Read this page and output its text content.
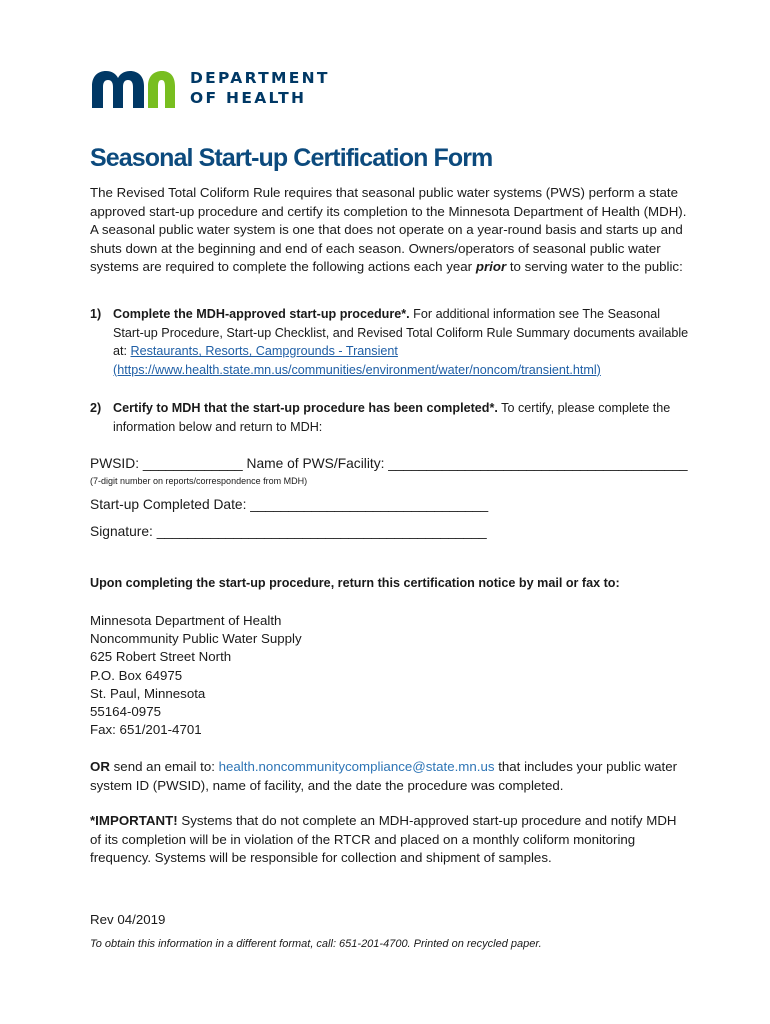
DEPARTMENT
OF HEALTH
Seasonal Start-up Certification Form
The Revised Total Coliform Rule requires that seasonal public water systems (PWS) perform a state approved start-up procedure and certify its completion to the Minnesota Department of Health (MDH). A seasonal public water system is one that does not operate on a year-round basis and starts up and shuts down at the beginning and end of each season. Owners/operators of seasonal public water systems are required to complete the following actions each year prior to serving water to the public:
1) Complete the MDH-approved start-up procedure*. For additional information see The Seasonal Start-up Procedure, Start-up Checklist, and Revised Total Coliform Rule Summary documents available at: Restaurants, Resorts, Campgrounds - Transient (https://www.health.state.mn.us/communities/environment/water/noncom/transient.html)
2) Certify to MDH that the start-up procedure has been completed*. To certify, please complete the information below and return to MDH:
PWSID: _____________ Name of PWS/Facility: _______________________________________
(7-digit number on reports/correspondence from MDH)
Start-up Completed Date: _______________________________
Signature: ___________________________________________
Upon completing the start-up procedure, return this certification notice by mail or fax to:
Minnesota Department of Health
Noncommunity Public Water Supply
625 Robert Street North
P.O. Box 64975
St. Paul, Minnesota
55164-0975
Fax: 651/201-4701
OR send an email to: health.noncommunitycompliance@state.mn.us that includes your public water system ID (PWSID), name of facility, and the date the procedure was completed.
*IMPORTANT! Systems that do not complete an MDH-approved start-up procedure and notify MDH of its completion will be in violation of the RTCR and placed on a monthly coliform monitoring frequency. Systems will be responsible for collection and shipment of samples.
Rev 04/2019
To obtain this information in a different format, call: 651-201-4700. Printed on recycled paper.
